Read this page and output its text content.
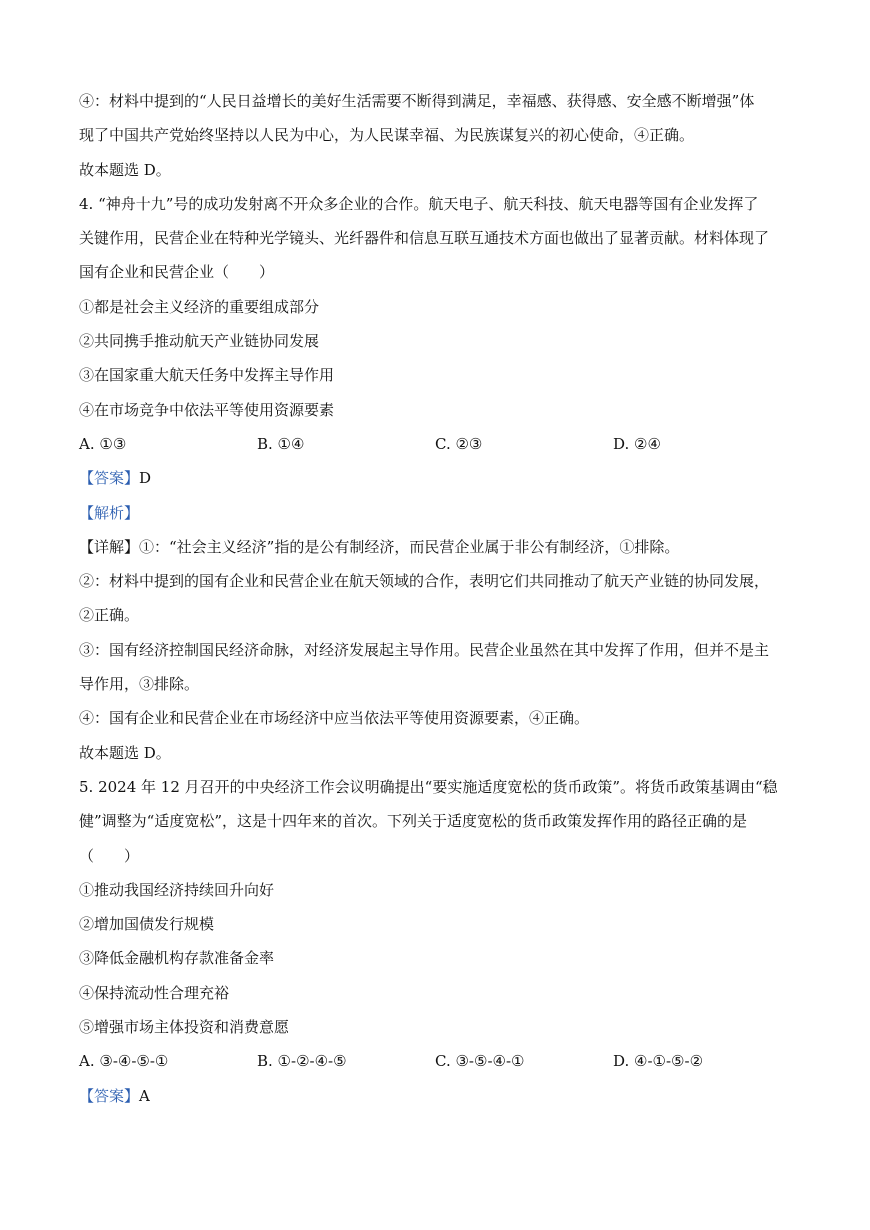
④：材料中提到的“人民日益增长的美好生活需要不断得到满足，幸福感、获得感、安全感不断增强”体
现了中国共产党始终坚持以人民为中心，为人民谋幸福、为民族谋复兴的初心使命，④正确。
故本题选 D。
4. “神舟十九”号的成功发射离不开众多企业的合作。航天电子、航天科技、航天电器等国有企业发挥了
关键作用，民营企业在特种光学镜头、光纤器件和信息互联互通技术方面也做出了显著贡献。材料体现了
国有企业和民营企业（　　）
①都是社会主义经济的重要组成部分
②共同携手推动航天产业链协同发展
③在国家重大航天任务中发挥主导作用
④在市场竞争中依法平等使用资源要素
A. ①③	B. ①④	C. ②③	D. ②④
【答案】D
【解析】
【详解】①：“社会主义经济”指的是公有制经济，而民营企业属于非公有制经济，①排除。
②：材料中提到的国有企业和民营企业在航天领域的合作，表明它们共同推动了航天产业链的协同发展，
②正确。
③：国有经济控制国民经济命脉，对经济发展起主导作用。民营企业虽然在其中发挥了作用，但并不是主
导作用，③排除。
④：国有企业和民营企业在市场经济中应当依法平等使用资源要素，④正确。
故本题选 D。
5. 2024 年 12 月召开的中央经济工作会议明确提出“要实施适度宽松的货币政策”。将货币政策基调由“稳
健”调整为“适度宽松”，这是十四年来的首次。下列关于适度宽松的货币政策发挥作用的路径正确的是
（　　）
①推动我国经济持续回升向好
②增加国债发行规模
③降低金融机构存款准备金率
④保持流动性合理充裕
⑤增强市场主体投资和消费意愿
A. ③-④-⑤-①	B. ①-②-④-⑤	C. ③-⑤-④-①	D. ④-①-⑤-②
【答案】A
